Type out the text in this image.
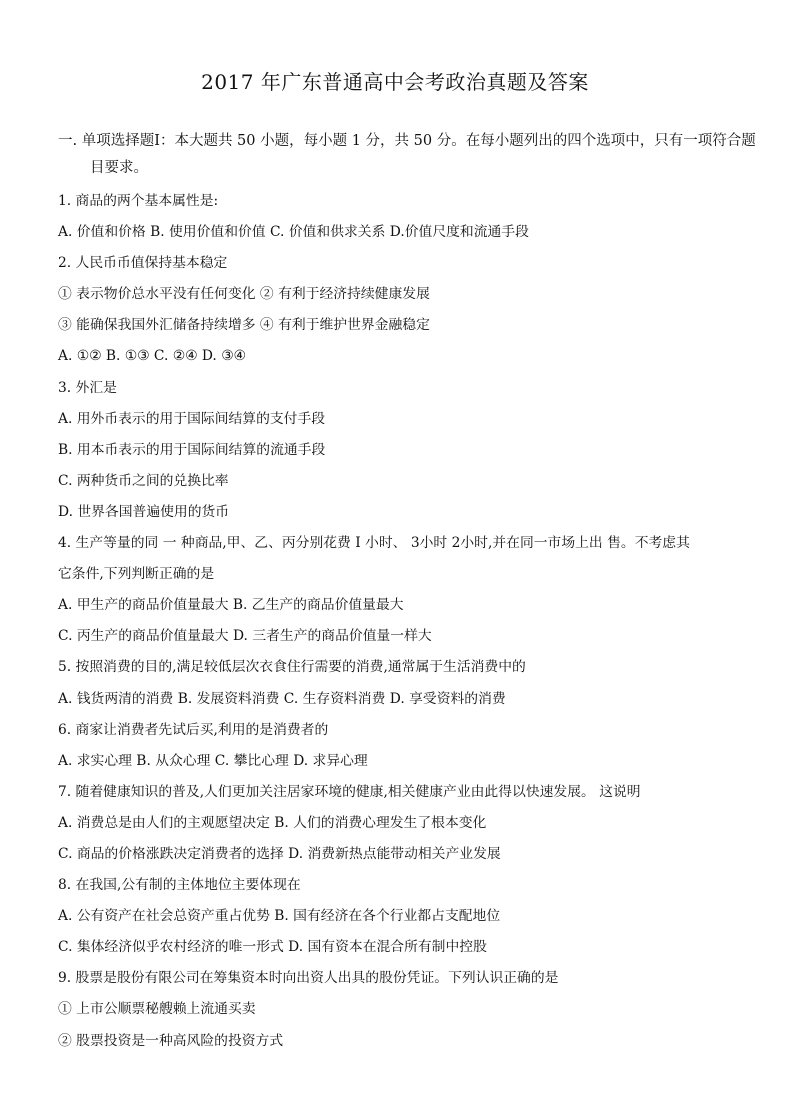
2017 年广东普通高中会考政治真题及答案
一. 单项选择题Ⅰ：本大题共 50 小题，每小题 1 分，共 50 分。在每小题列出的四个选项中，只有一项符合题
目要求。
1. 商品的两个基本属性是:
A. 价值和价格 B. 使用价值和价值 C. 价值和供求关系 D.价值尺度和流通手段
2. 人民币币值保持基本稳定
① 表示物价总水平没有任何变化 ② 有利于经济持续健康发展
③ 能确保我国外汇储备持续增多 ④ 有利于维护世界金融稳定
A. ①② B. ①③ C. ②④ D. ③④
3. 外汇是
A. 用外币表示的用于国际间结算的支付手段
B. 用本币表示的用于国际间结算的流通手段
C. 两种货币之间的兑换比率
D. 世界各国普遍使用的货币
4. 生产等量的同 一 种商品,甲、乙、丙分别花费 I 小时、 3小时 2小时,并在同一市场上出 售。不考虑其
它条件,下列判断正确的是
A. 甲生产的商品价值量最大 B. 乙生产的商品价值量最大
C. 丙生产的商品价值量最大 D. 三者生产的商品价值量一样大
5. 按照消费的目的,满足较低层次衣食住行需要的消费,通常属于生活消费中的
A. 钱货两清的消费 B. 发展资料消费 C. 生存资料消费 D. 享受资料的消费
6. 商家让消费者先试后买,利用的是消费者的
A. 求实心理 B. 从众心理 C. 攀比心理 D. 求异心理
7. 随着健康知识的普及,人们更加关注居家环境的健康,相关健康产业由此得以快速发展。 这说明
A. 消费总是由人们的主观愿望决定 B. 人们的消费心理发生了根本变化
C. 商品的价格涨跌决定消费者的选择 D. 消费新热点能带动相关产业发展
8. 在我国,公有制的主体地位主要体现在
A. 公有资产在社会总资产重占优势 B. 国有经济在各个行业都占支配地位
C. 集体经济似乎农村经济的唯一形式 D. 国有资本在混合所有制中控股
9. 股票是股份有限公司在筹集资本时向出资人出具的股份凭证。下列认识正确的是
① 上市公顺票秘艘赖上流通买卖
② 股票投资是一种高风险的投资方式
